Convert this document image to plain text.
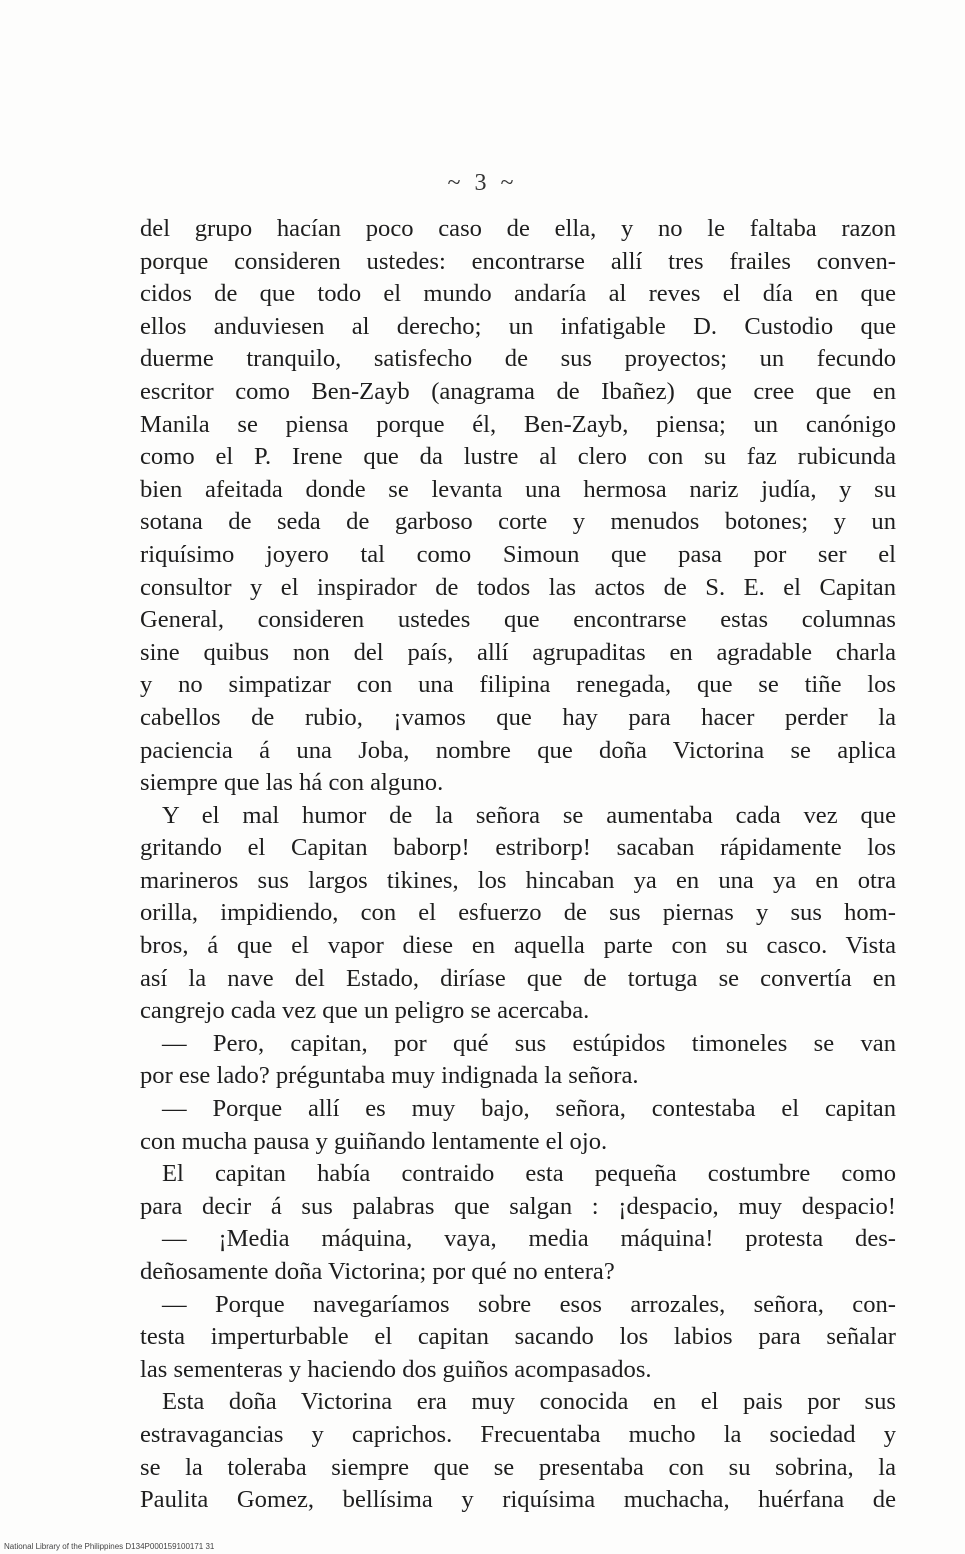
~ 3 ~
del grupo hacían poco caso de ella, y no le faltaba razon
porque consideren ustedes: encontrarse allí tres frailes conven-
cidos de que todo el mundo andaría al reves el día en que
ellos anduviesen al derecho; un infatigable D. Custodio que
duerme tranquilo, satisfecho de sus proyectos; un fecundo
escritor como Ben-Zayb (anagrama de Ibañez) que cree que en
Manila se piensa porque él, Ben-Zayb, piensa; un canónigo
como el P. Irene que da lustre al clero con su faz rubicunda
bien afeitada donde se levanta una hermosa nariz judía, y su
sotana de seda de garboso corte y menudos botones; y un
riquísimo joyero tal como Simoun que pasa por ser el
consultor y el inspirador de todos las actos de S. E. el Capitan
General, consideren ustedes que encontrarse estas columnas
sine quibus non del país, allí agrupaditas en agradable charla
y no simpatizar con una filipina renegada, que se tiñe los
cabellos de rubio, ¡vamos que hay para hacer perder la
paciencia á una Joba, nombre que doña Victorina se aplica
siempre que las há con alguno.
Y el mal humor de la señora se aumentaba cada vez que
gritando el Capitan baborp! estriborp! sacaban rápidamente los
marineros sus largos tikines, los hincaban ya en una ya en otra
orilla, impidiendo, con el esfuerzo de sus piernas y sus hom-
bros, á que el vapor diese en aquella parte con su casco. Vista
así la nave del Estado, diríase que de tortuga se convertía en
cangrejo cada vez que un peligro se acercaba.
— Pero, capitan, por qué sus estúpidos timoneles se van
por ese lado? préguntaba muy indignada la señora.
— Porque allí es muy bajo, señora, contestaba el capitan
con mucha pausa y guiñando lentamente el ojo.
El capitan había contraido esta pequeña costumbre como
para decir á sus palabras que salgan : ¡despacio, muy despacio!
— ¡Media máquina, vaya, media máquina! protesta des-
deñosamente doña Victorina; por qué no entera?
— Porque navegaríamos sobre esos arrozales, señora, con-
testa imperturbable el capitan sacando los labios para señalar
las sementeras y haciendo dos guiños acompasados.
Esta doña Victorina era muy conocida en el pais por sus
estravagancias y caprichos. Frecuentaba mucho la sociedad y
se la toleraba siempre que se presentaba con su sobrina, la
Paulita Gomez, bellísima y riquísima muchacha, huérfana de
National Library of the Philippines D134P000159100171 31
